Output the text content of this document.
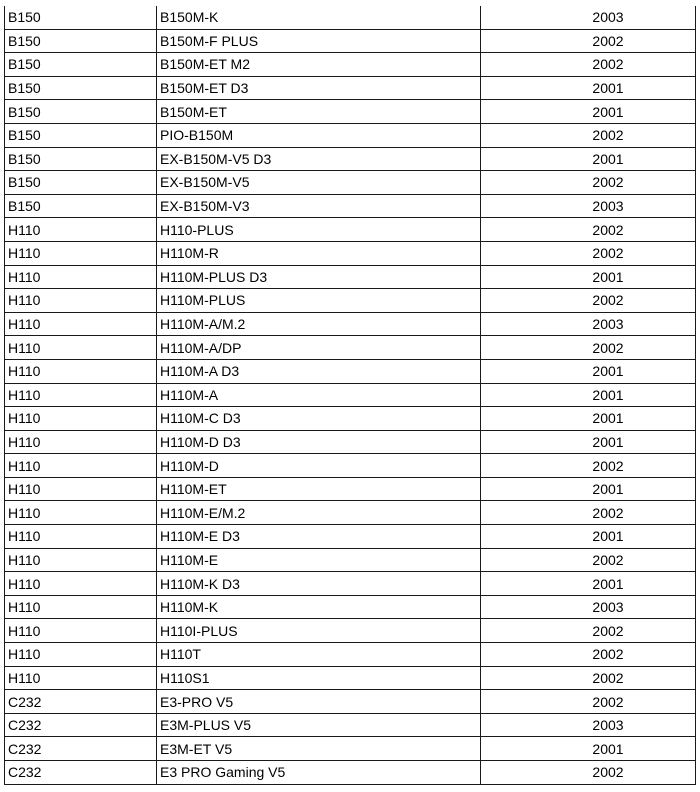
B150	B150M-K	2003
B150	B150M-F PLUS	2002
B150	B150M-ET M2	2002
B150	B150M-ET D3	2001
B150	B150M-ET	2001
B150	PIO-B150M	2002
B150	EX-B150M-V5 D3	2001
B150	EX-B150M-V5	2002
B150	EX-B150M-V3	2003
H110	H110-PLUS	2002
H110	H110M-R	2002
H110	H110M-PLUS D3	2001
H110	H110M-PLUS	2002
H110	H110M-A/M.2	2003
H110	H110M-A/DP	2002
H110	H110M-A D3	2001
H110	H110M-A	2001
H110	H110M-C D3	2001
H110	H110M-D D3	2001
H110	H110M-D	2002
H110	H110M-ET	2001
H110	H110M-E/M.2	2002
H110	H110M-E D3	2001
H110	H110M-E	2002
H110	H110M-K D3	2001
H110	H110M-K	2003
H110	H110I-PLUS	2002
H110	H110T	2002
H110	H110S1	2002
C232	E3-PRO V5	2002
C232	E3M-PLUS V5	2003
C232	E3M-ET V5	2001
C232	E3 PRO Gaming V5	2002
